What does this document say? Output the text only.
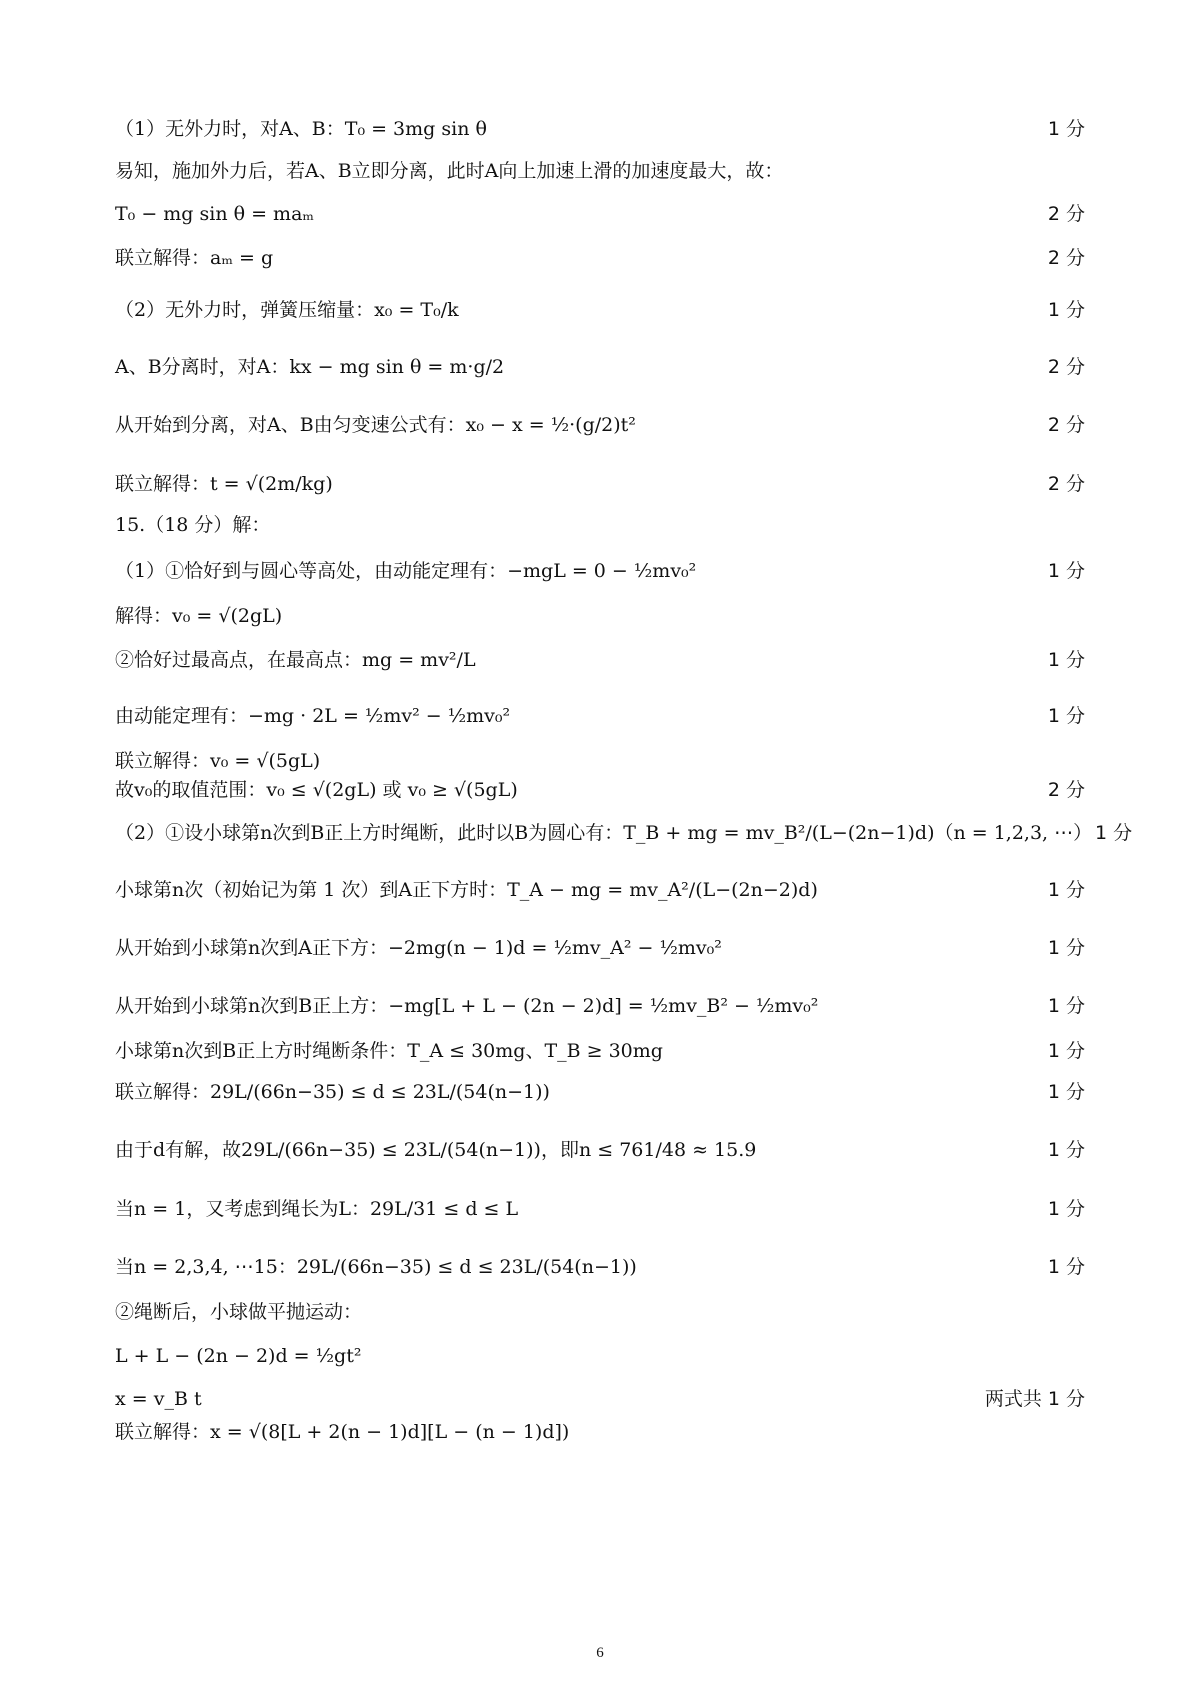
（1）无外力时，对A、B：T₀ = 3mg sin θ	1 分
易知，施加外力后，若A、B立即分离，此时A向上加速上滑的加速度最大，故：
T₀ − mg sin θ = maₘ	2 分
联立解得：aₘ = g	2 分
（2）无外力时，弹簧压缩量：x₀ = T₀/k	1 分
A、B分离时，对A：kx − mg sin θ = m·g/2	2 分
从开始到分离，对A、B由匀变速公式有：x₀ − x = ½·(g/2)t²	2 分
联立解得：t = √(2m/kg)	2 分
15.（18 分）解：
（1）①恰好到与圆心等高处，由动能定理有：−mgL = 0 − ½mv₀²	1 分
解得：v₀ = √(2gL)
②恰好过最高点，在最高点：mg = mv²/L	1 分
由动能定理有：−mg · 2L = ½mv² − ½mv₀²	1 分
联立解得：v₀ = √(5gL)
故v₀的取值范围：v₀ ≤ √(2gL) 或 v₀ ≥ √(5gL)	2 分
（2）①设小球第n次到B正上方时绳断，此时以B为圆心有：T_B + mg = mv_B²/(L−(2n−1)d)（n = 1,2,3, ⋯） 1 分
小球第n次（初始记为第 1 次）到A正下方时：T_A − mg = mv_A²/(L−(2n−2)d)	1 分
从开始到小球第n次到A正下方：−2mg(n − 1)d = ½mv_A² − ½mv₀²	1 分
从开始到小球第n次到B正上方：−mg[L + L − (2n − 2)d] = ½mv_B² − ½mv₀²	1 分
小球第n次到B正上方时绳断条件：T_A ≤ 30mg、T_B ≥ 30mg	1 分
联立解得：29L/(66n−35) ≤ d ≤ 23L/(54(n−1))	1 分
由于d有解，故29L/(66n−35) ≤ 23L/(54(n−1))，即n ≤ 761/48 ≈ 15.9	1 分
当n = 1，又考虑到绳长为L：29L/31 ≤ d ≤ L	1 分
当n = 2,3,4, ⋯15：29L/(66n−35) ≤ d ≤ 23L/(54(n−1))	1 分
②绳断后，小球做平抛运动：
L + L − (2n − 2)d = ½gt²
x = v_B t	两式共 1 分
联立解得：x = √(8[L + 2(n − 1)d][L − (n − 1)d])
6
